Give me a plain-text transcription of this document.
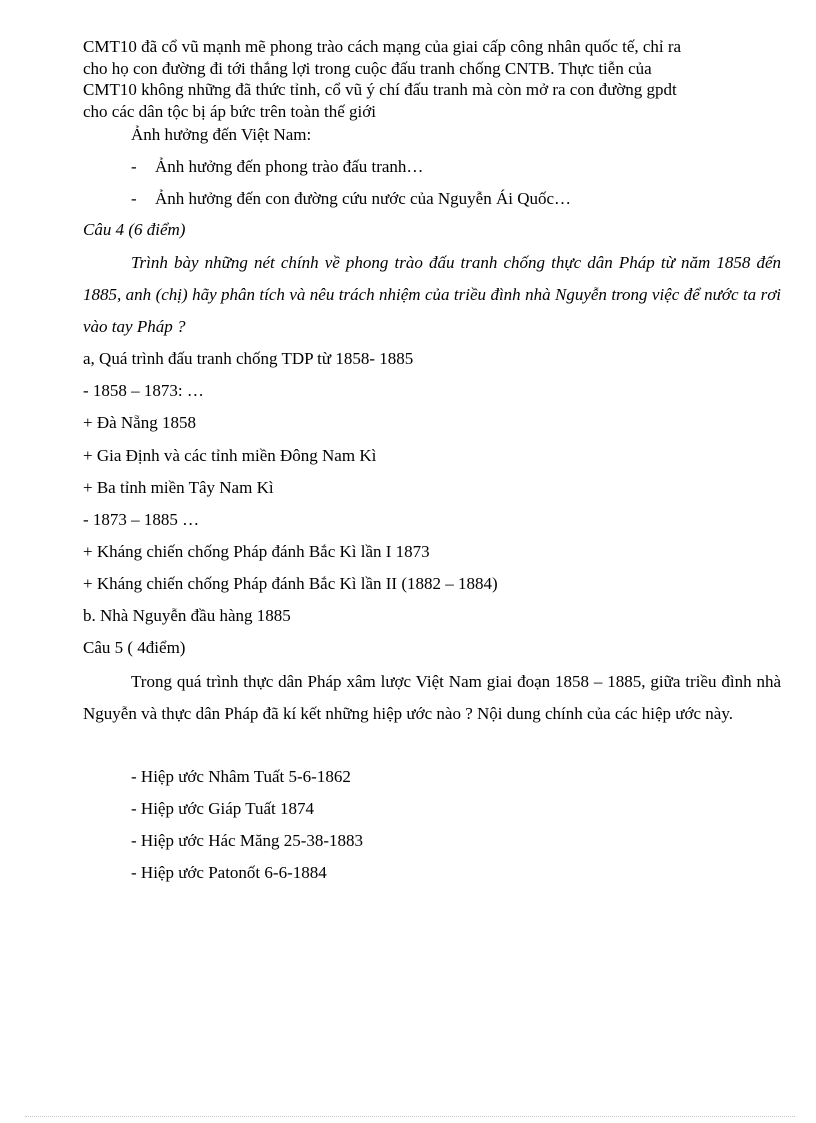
CMT10 đã cổ vũ mạnh mẽ phong trào cách mạng của giai cấp công nhân quốc tế, chỉ ra

cho họ con đường đi tới thắng lợi trong cuộc đấu tranh chống CNTB. Thực tiễn của

CMT10 không những đã thức tỉnh, cổ vũ ý chí đấu tranh mà còn mở ra con đường gpdt

cho các dân tộc bị áp bức trên toàn thế giới

Ảnh hưởng đến Việt Nam:
- Ảnh hưởng đến phong trào đấu tranh…
- Ảnh hưởng đến con đường cứu nước của Nguyễn Ái Quốc…
Câu 4 (6 điểm)

Trình bày những nét chính về phong trào đấu tranh chống thực dân Pháp từ năm 1858 đến 1885, anh (chị) hãy phân tích và nêu trách nhiệm của triều đình nhà Nguyễn trong việc để nước ta rơi vào tay Pháp ?

a, Quá trình đấu tranh chống TDP từ 1858- 1885
- 1858 – 1873: …
+ Đà Nẵng 1858
+ Gia Định và các tỉnh miền Đông Nam Kì
+ Ba tỉnh miền Tây Nam Kì
- 1873 – 1885 …
+ Kháng chiến chống Pháp đánh Bắc Kì lần I 1873
+ Kháng chiến chống Pháp đánh Bắc Kì lần II (1882 – 1884)
b. Nhà Nguyễn đầu hàng 1885
Câu 5 ( 4điểm)

Trong quá trình thực dân Pháp xâm lược Việt Nam giai đoạn 1858 – 1885, giữa triều đình nhà Nguyễn và thực dân Pháp đã kí kết những hiệp ước nào ? Nội dung chính của các hiệp ước này.

- Hiệp ước Nhâm Tuất 5-6-1862
- Hiệp ước Giáp Tuất 1874
- Hiệp ước Hác Măng 25-38-1883
- Hiệp ước Patonốt 6-6-1884
